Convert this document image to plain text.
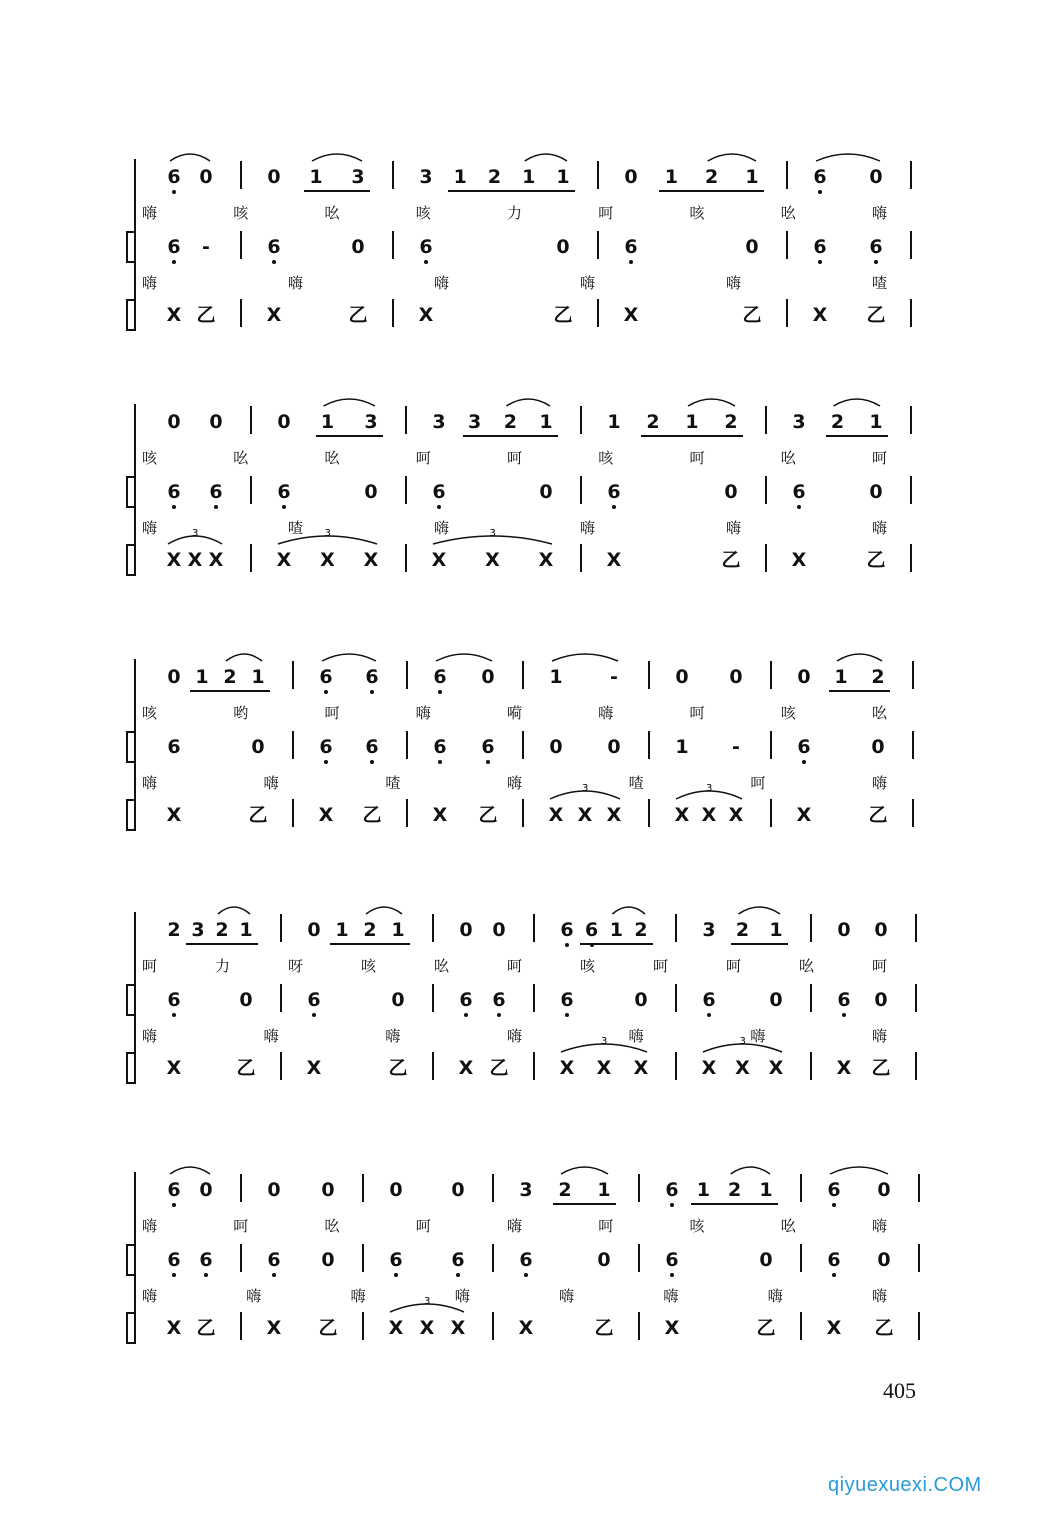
6 0	0 1 3	3 1 2 1 1	0 1 2 1	6 0
6	-	6	0	6	0	6	0	6 6
X 乙	X	乙	X	乙	X	乙	X 乙
嗨	咳	吆	咳	力	呵	咳	吆	嗨
嗨	嗨	嗨	嗨	嗨	喳
0 0	0 1 3	3 3 2 1	1 2 1 2	3 2 1
6 6	6	0	6	0	6	0	6	0
X X X	X X X	X X X	X	乙	X	乙
咳	吆	吆	呵	呵	咳	呵	吆	呵
嗨	喳	嗨	嗨	嗨	嗨
3	3	3
0 1 2 1	6 6	6 0	1	-	0 0	0 1 2
6	0	6 6	6 6	0 0	1	-	6	0
X	乙	X 乙	X 乙	X X X	X X X	X	乙
咳	哟	呵	嗨	嗬	嗨	呵	咳	吆
嗨	嗨	喳	嗨	喳	呵	嗨
3	3
2 3 2 1	0 1 2 1	0 0	6 6 1 2	3 2 1	0 0
6	0	6	0	6 6	6	0	6	0	6 0
X	乙	X	乙	X 乙	X X X	X X X	X 乙
呵	力	呀	咳	吆	呵	咳	呵	呵	吆	呵
嗨	嗨	嗨	嗨	嗨	嗨	嗨
3	3
6 0	0 0	0	0	3 2 1	6 1 2 1	6 0
6 6	6 0	6	6	6	0	6	0	6 0
X 乙	X 乙	X X X	X	乙	X	乙	X 乙
嗨	呵	吆	呵	嗨	呵	咳	吆	嗨
嗨	嗨	嗨	嗨	嗨	嗨	嗨	嗨
3
405
qiyuexuexi.COM
